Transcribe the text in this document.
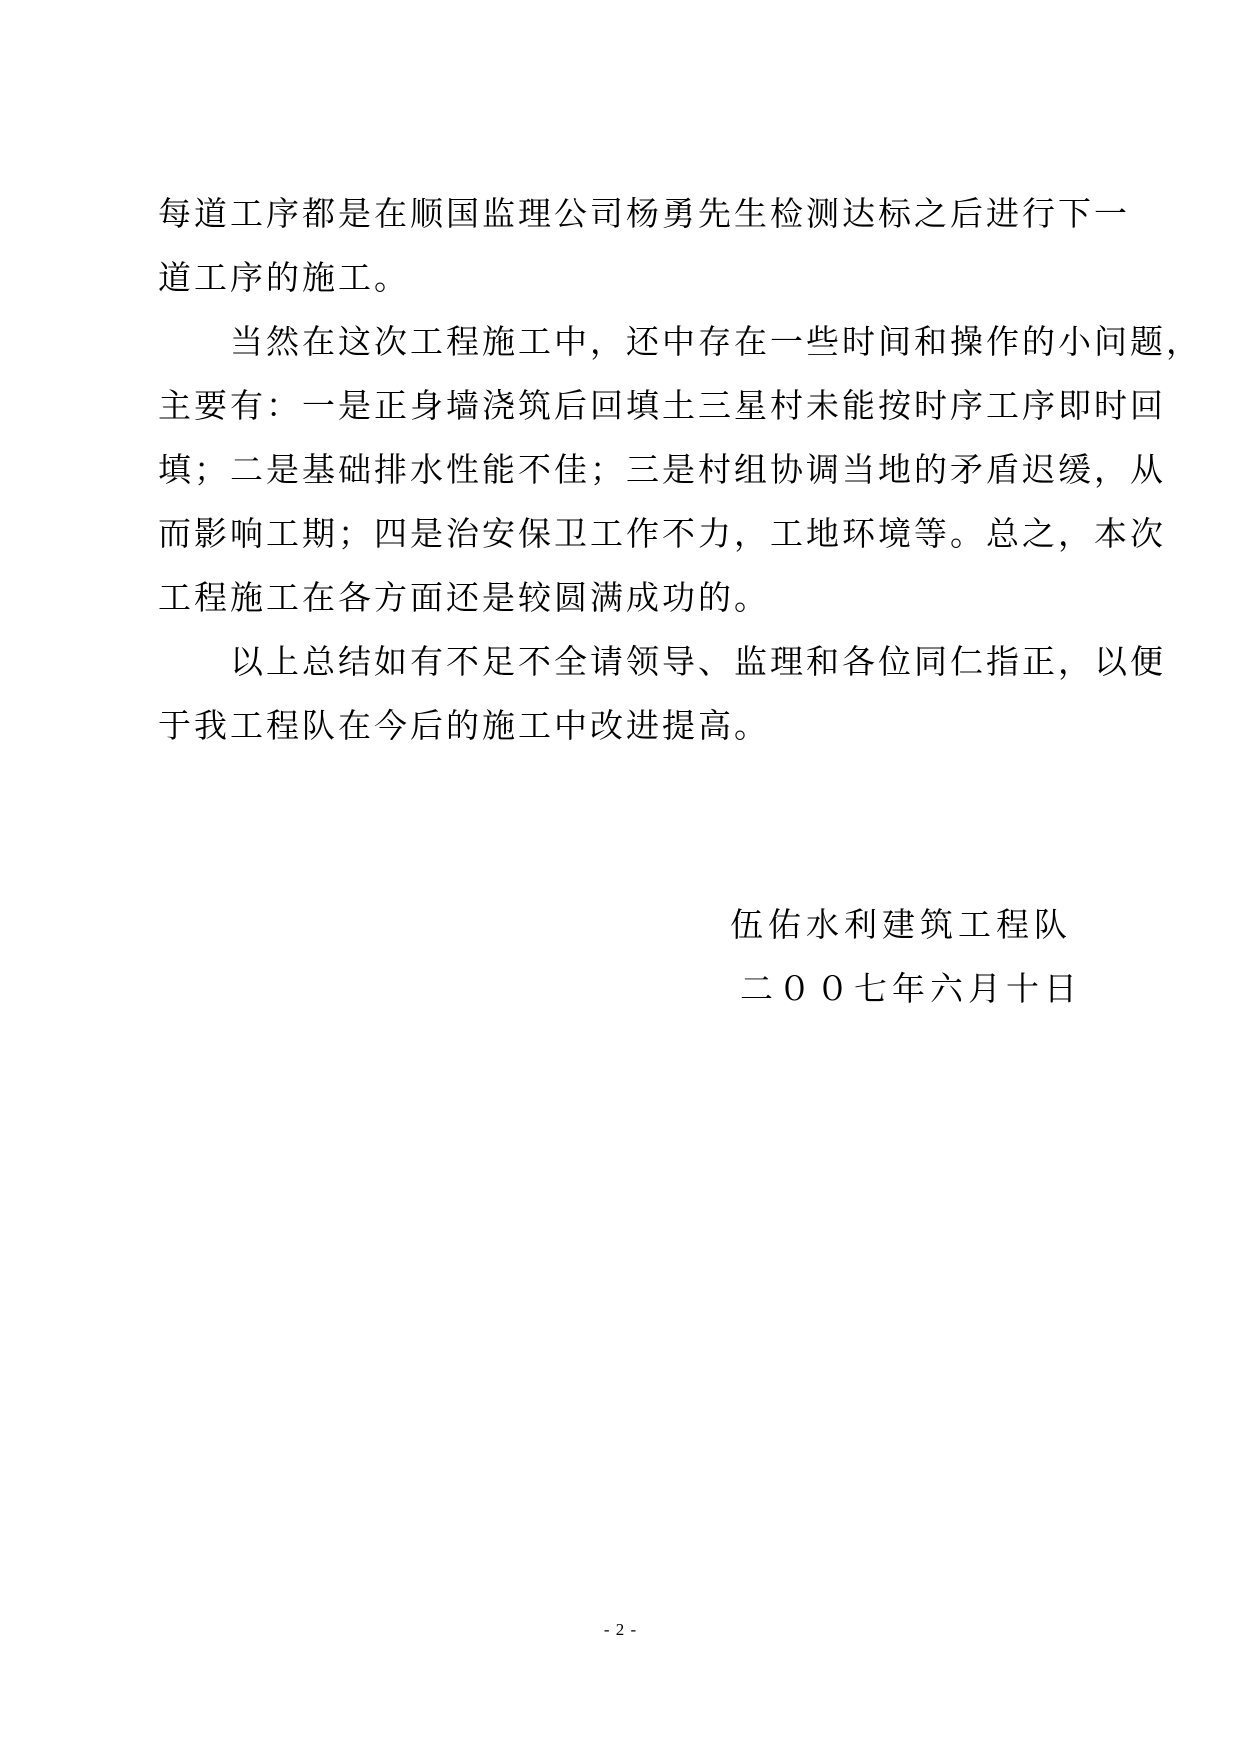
每道工序都是在顺国监理公司杨勇先生检测达标之后进行下一
道工序的施工。
　　当然在这次工程施工中，还中存在一些时间和操作的小问题，
主要有：一是正身墙浇筑后回填土三星村未能按时序工序即时回
填；二是基础排水性能不佳；三是村组协调当地的矛盾迟缓，从
而影响工期；四是治安保卫工作不力，工地环境等。总之，本次
工程施工在各方面还是较圆满成功的。
　　以上总结如有不足不全请领导、监理和各位同仁指正，以便
于我工程队在今后的施工中改进提高。
伍佑水利建筑工程队
二００七年六月十日
- 2 -
